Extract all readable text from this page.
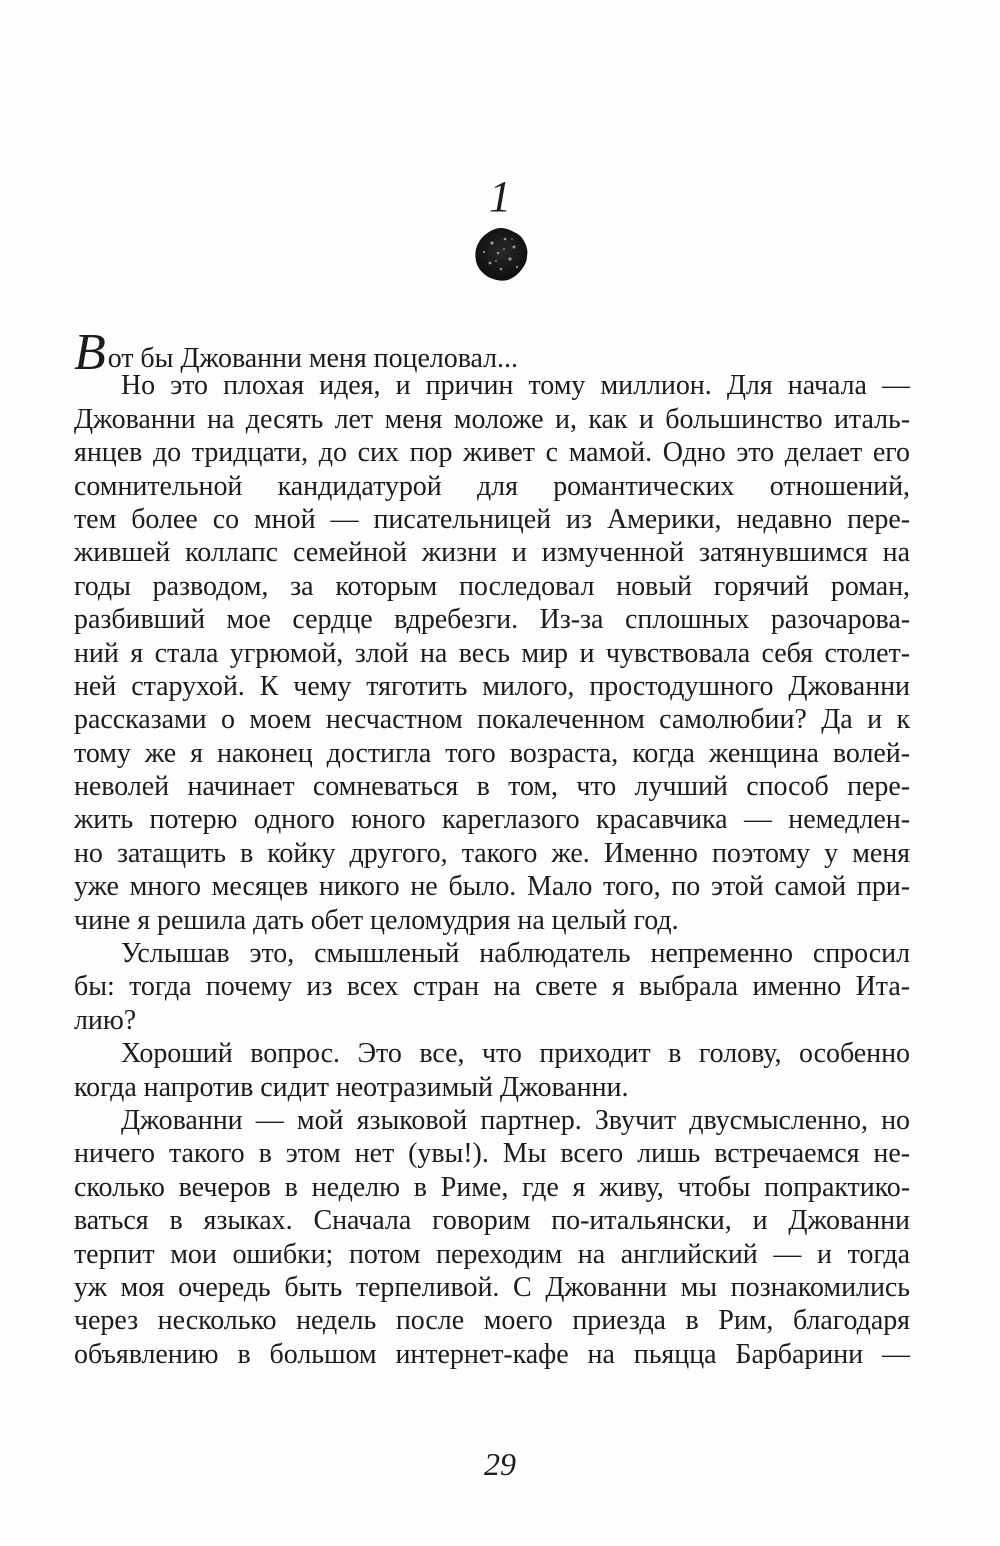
1
Вот бы Джованни меня поцеловал...
Но это плохая идея, и причин тому миллион. Для начала —
Джованни на десять лет меня моложе и, как и большинство италь-
янцев до тридцати, до сих пор живет с мамой. Одно это делает его
сомнительной кандидатурой для романтических отношений,
тем более со мной — писательницей из Америки, недавно пере-
жившей коллапс семейной жизни и измученной затянувшимся на
годы разводом, за которым последовал новый горячий роман,
разбивший мое сердце вдребезги. Из-за сплошных разочарова-
ний я стала угрюмой, злой на весь мир и чувствовала себя столет-
ней старухой. К чему тяготить милого, простодушного Джованни
рассказами о моем несчастном покалеченном самолюбии? Да и к
тому же я наконец достигла того возраста, когда женщина волей-
неволей начинает сомневаться в том, что лучший способ пере-
жить потерю одного юного кареглазого красавчика — немедлен-
но затащить в койку другого, такого же. Именно поэтому у меня
уже много месяцев никого не было. Мало того, по этой самой при-
чине я решила дать обет целомудрия на целый год.
Услышав это, смышленый наблюдатель непременно спросил
бы: тогда почему из всех стран на свете я выбрала именно Ита-
лию?
Хороший вопрос. Это все, что приходит в голову, особенно
когда напротив сидит неотразимый Джованни.
Джованни — мой языковой партнер. Звучит двусмысленно, но
ничего такого в этом нет (увы!). Мы всего лишь встречаемся не-
сколько вечеров в неделю в Риме, где я живу, чтобы попрактико-
ваться в языках. Сначала говорим по-итальянски, и Джованни
терпит мои ошибки; потом переходим на английский — и тогда
уж моя очередь быть терпеливой. С Джованни мы познакомились
через несколько недель после моего приезда в Рим, благодаря
объявлению в большом интернет-кафе на пьяцца Барбарини —
29
